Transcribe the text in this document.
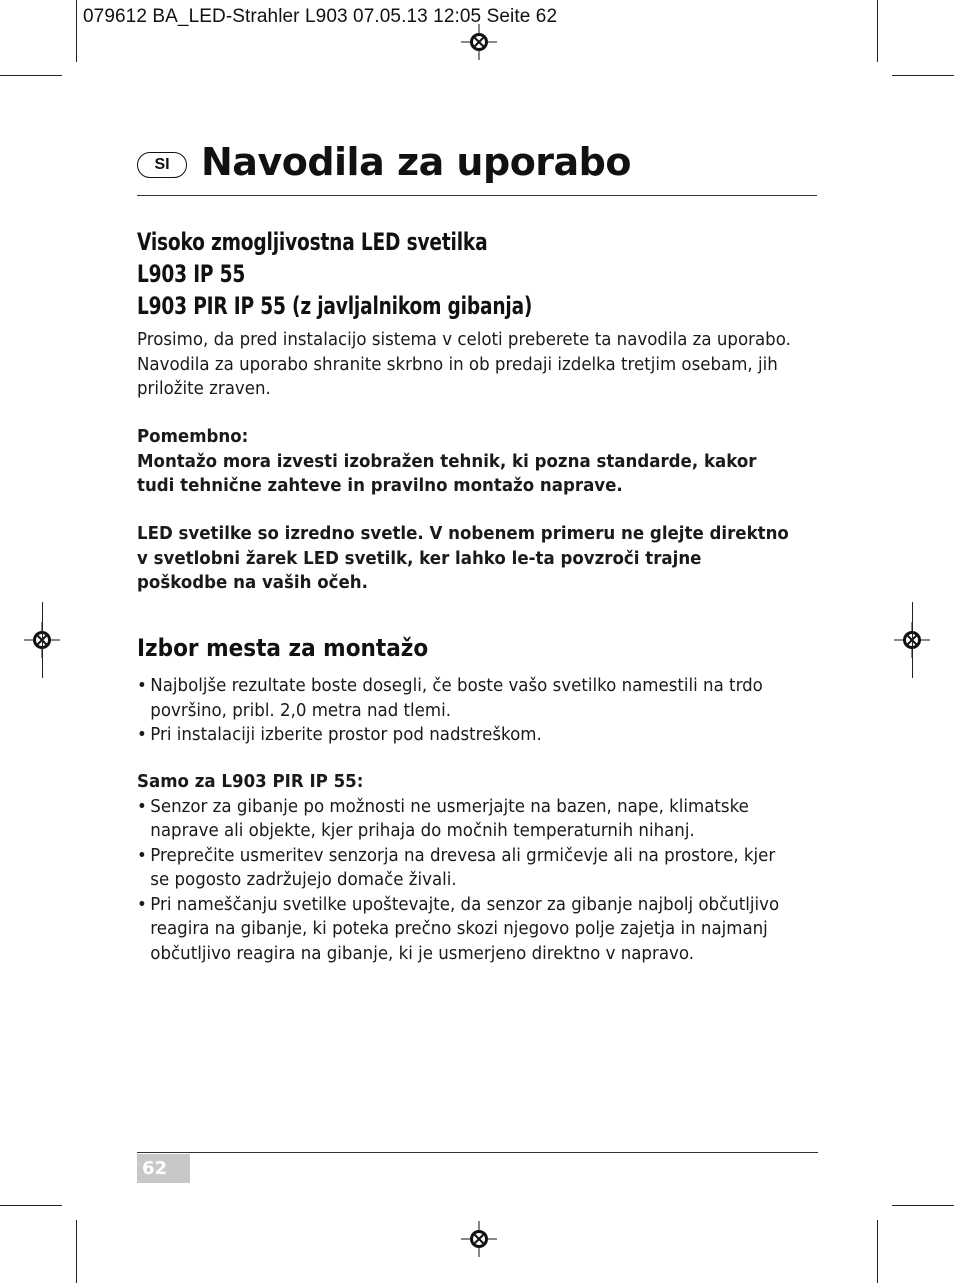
079612 BA_LED-Strahler L903 07.05.13 12:05 Seite 62
SI Navodila za uporabo
Visoko zmogljivostna LED svetilka
L903 IP 55
L903 PIR IP 55 (z javljalnikom gibanja)
Prosimo, da pred instalacijo sistema v celoti preberete ta navodila za uporabo. Navodila za uporabo shranite skrbno in ob predaji izdelka tretjim osebam, jih priložite zraven.
Pomembno:
Montažo mora izvesti izobražen tehnik, ki pozna standarde, kakor tudi tehnične zahteve in pravilno montažo naprave.
LED svetilke so izredno svetle. V nobenem primeru ne glejte direktno v svetlobni žarek LED svetilk, ker lahko le-ta povzroči trajne poškodbe na vaših očeh.
Izbor mesta za montažo
• Najboljše rezultate boste dosegli, če boste vašo svetilko namestili na trdo površino, pribl. 2,0 metra nad tlemi.
• Pri instalaciji izberite prostor pod nadstreškom.
Samo za L903 PIR IP 55:
• Senzor za gibanje po možnosti ne usmerjajte na bazen, nape, klimatske naprave ali objekte, kjer prihaja do močnih temperaturnih nihanj.
• Preprečite usmeritev senzorja na drevesa ali grmičevje ali na prostore, kjer se pogosto zadržujejo domače živali.
• Pri nameščanju svetilke upoštevajte, da senzor za gibanje najbolj občutljivo reagira na gibanje, ki poteka prečno skozi njegovo polje zajetja in najmanj občutljivo reagira na gibanje, ki je usmerjeno direktno v napravo.
62
